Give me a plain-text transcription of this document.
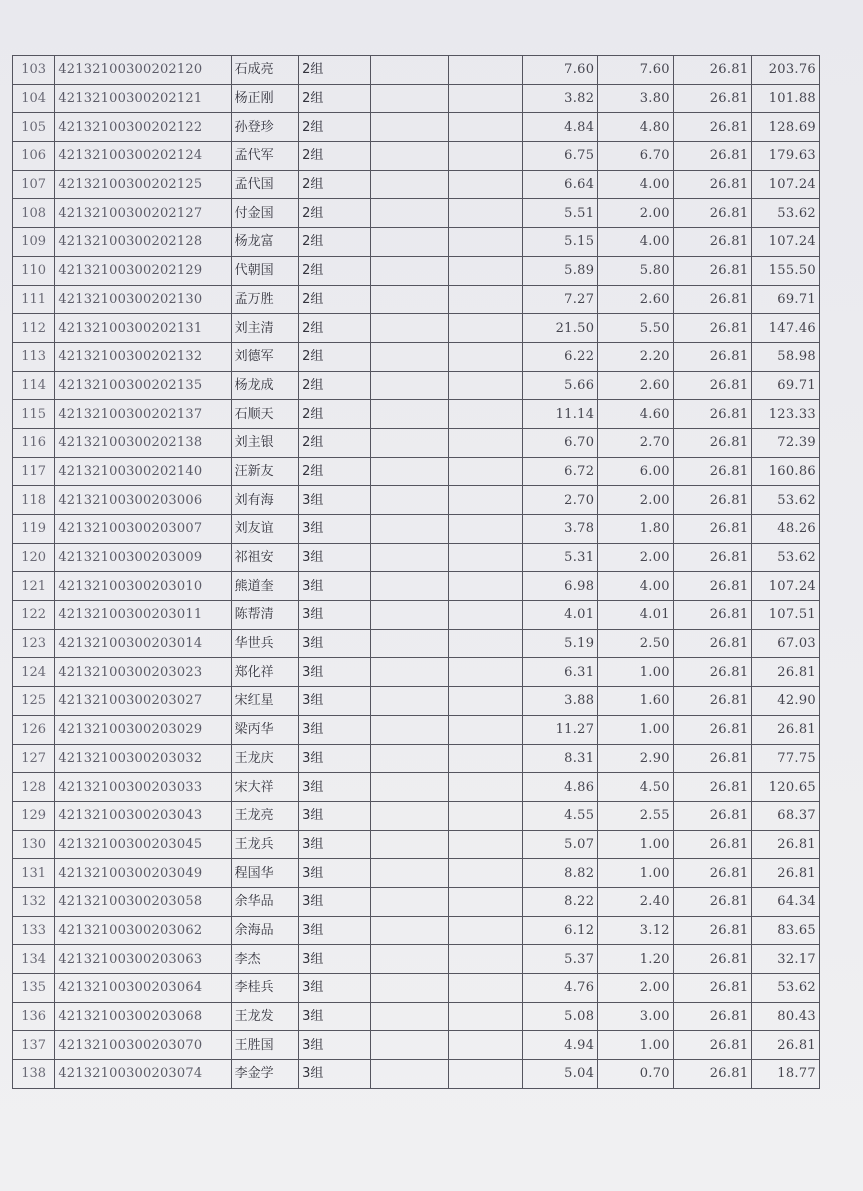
103	42132100300202120	石成亮	2组			7.60	7.60	26.81	203.76
104	42132100300202121	杨正刚	2组			3.82	3.80	26.81	101.88
105	42132100300202122	孙登珍	2组			4.84	4.80	26.81	128.69
106	42132100300202124	孟代军	2组			6.75	6.70	26.81	179.63
107	42132100300202125	孟代国	2组			6.64	4.00	26.81	107.24
108	42132100300202127	付金国	2组			5.51	2.00	26.81	53.62
109	42132100300202128	杨龙富	2组			5.15	4.00	26.81	107.24
110	42132100300202129	代朝国	2组			5.89	5.80	26.81	155.50
111	42132100300202130	孟万胜	2组			7.27	2.60	26.81	69.71
112	42132100300202131	刘主清	2组			21.50	5.50	26.81	147.46
113	42132100300202132	刘德军	2组			6.22	2.20	26.81	58.98
114	42132100300202135	杨龙成	2组			5.66	2.60	26.81	69.71
115	42132100300202137	石顺天	2组			11.14	4.60	26.81	123.33
116	42132100300202138	刘主银	2组			6.70	2.70	26.81	72.39
117	42132100300202140	汪新友	2组			6.72	6.00	26.81	160.86
118	42132100300203006	刘有海	3组			2.70	2.00	26.81	53.62
119	42132100300203007	刘友谊	3组			3.78	1.80	26.81	48.26
120	42132100300203009	祁祖安	3组			5.31	2.00	26.81	53.62
121	42132100300203010	熊道奎	3组			6.98	4.00	26.81	107.24
122	42132100300203011	陈帮清	3组			4.01	4.01	26.81	107.51
123	42132100300203014	华世兵	3组			5.19	2.50	26.81	67.03
124	42132100300203023	郑化祥	3组			6.31	1.00	26.81	26.81
125	42132100300203027	宋红星	3组			3.88	1.60	26.81	42.90
126	42132100300203029	梁丙华	3组			11.27	1.00	26.81	26.81
127	42132100300203032	王龙庆	3组			8.31	2.90	26.81	77.75
128	42132100300203033	宋大祥	3组			4.86	4.50	26.81	120.65
129	42132100300203043	王龙亮	3组			4.55	2.55	26.81	68.37
130	42132100300203045	王龙兵	3组			5.07	1.00	26.81	26.81
131	42132100300203049	程国华	3组			8.82	1.00	26.81	26.81
132	42132100300203058	余华品	3组			8.22	2.40	26.81	64.34
133	42132100300203062	余海品	3组			6.12	3.12	26.81	83.65
134	42132100300203063	李杰	3组			5.37	1.20	26.81	32.17
135	42132100300203064	李桂兵	3组			4.76	2.00	26.81	53.62
136	42132100300203068	王龙发	3组			5.08	3.00	26.81	80.43
137	42132100300203070	王胜国	3组			4.94	1.00	26.81	26.81
138	42132100300203074	李金学	3组			5.04	0.70	26.81	18.77
